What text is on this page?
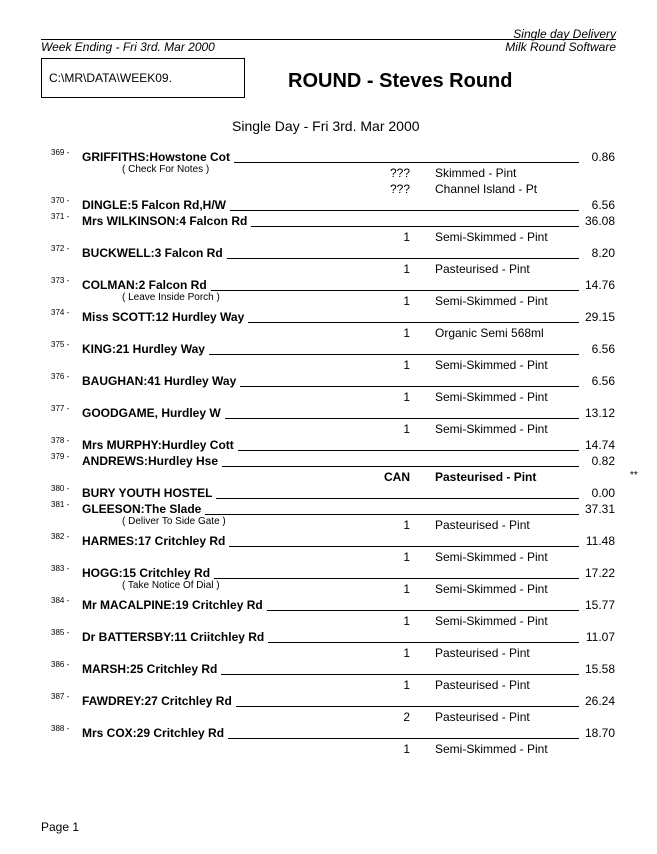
Single day Delivery
Week Ending - Fri 3rd. Mar 2000	Milk Round Software
C:\MR\DATA\WEEK09.	ROUND - Steves Round
Single Day - Fri 3rd. Mar 2000
369 - GRIFFITHS:Howstone Cot	0.86
( Check For Notes )	??? Skimmed - Pint
??? Channel Island - Pt
370 - DINGLE:5 Falcon Rd,H/W	6.56
371 - Mrs WILKINSON:4 Falcon Rd	36.08
1 Semi-Skimmed - Pint
372 - BUCKWELL:3 Falcon Rd	8.20
1 Pasteurised - Pint
373 - COLMAN:2 Falcon Rd	14.76
( Leave Inside Porch )	1 Semi-Skimmed - Pint
374 - Miss SCOTT:12 Hurdley Way	29.15
1 Organic Semi 568ml
375 - KING:21 Hurdley Way	6.56
1 Semi-Skimmed - Pint
376 - BAUGHAN:41 Hurdley Way	6.56
1 Semi-Skimmed - Pint
377 - GOODGAME, Hurdley W	13.12
1 Semi-Skimmed - Pint
378 - Mrs MURPHY:Hurdley Cott	14.74
379 - ANDREWS:Hurdley Hse	0.82
CAN Pasteurised - Pint	**
380 - BURY YOUTH HOSTEL	0.00
381 - GLEESON:The Slade	37.31
( Deliver To Side Gate )	1 Pasteurised - Pint
382 - HARMES:17 Critchley Rd	11.48
1 Semi-Skimmed - Pint
383 - HOGG:15 Critchley Rd	17.22
( Take Notice Of Dial )	1 Semi-Skimmed - Pint
384 - Mr MACALPINE:19 Critchley Rd	15.77
1 Semi-Skimmed - Pint
385 - Dr BATTERSBY:11 Criitchley Rd	11.07
1 Pasteurised - Pint
386 - MARSH:25 Critchley Rd	15.58
1 Pasteurised - Pint
387 - FAWDREY:27 Critchley Rd	26.24
2 Pasteurised - Pint
388 - Mrs COX:29 Critchley Rd	18.70
1 Semi-Skimmed - Pint
Page 1
